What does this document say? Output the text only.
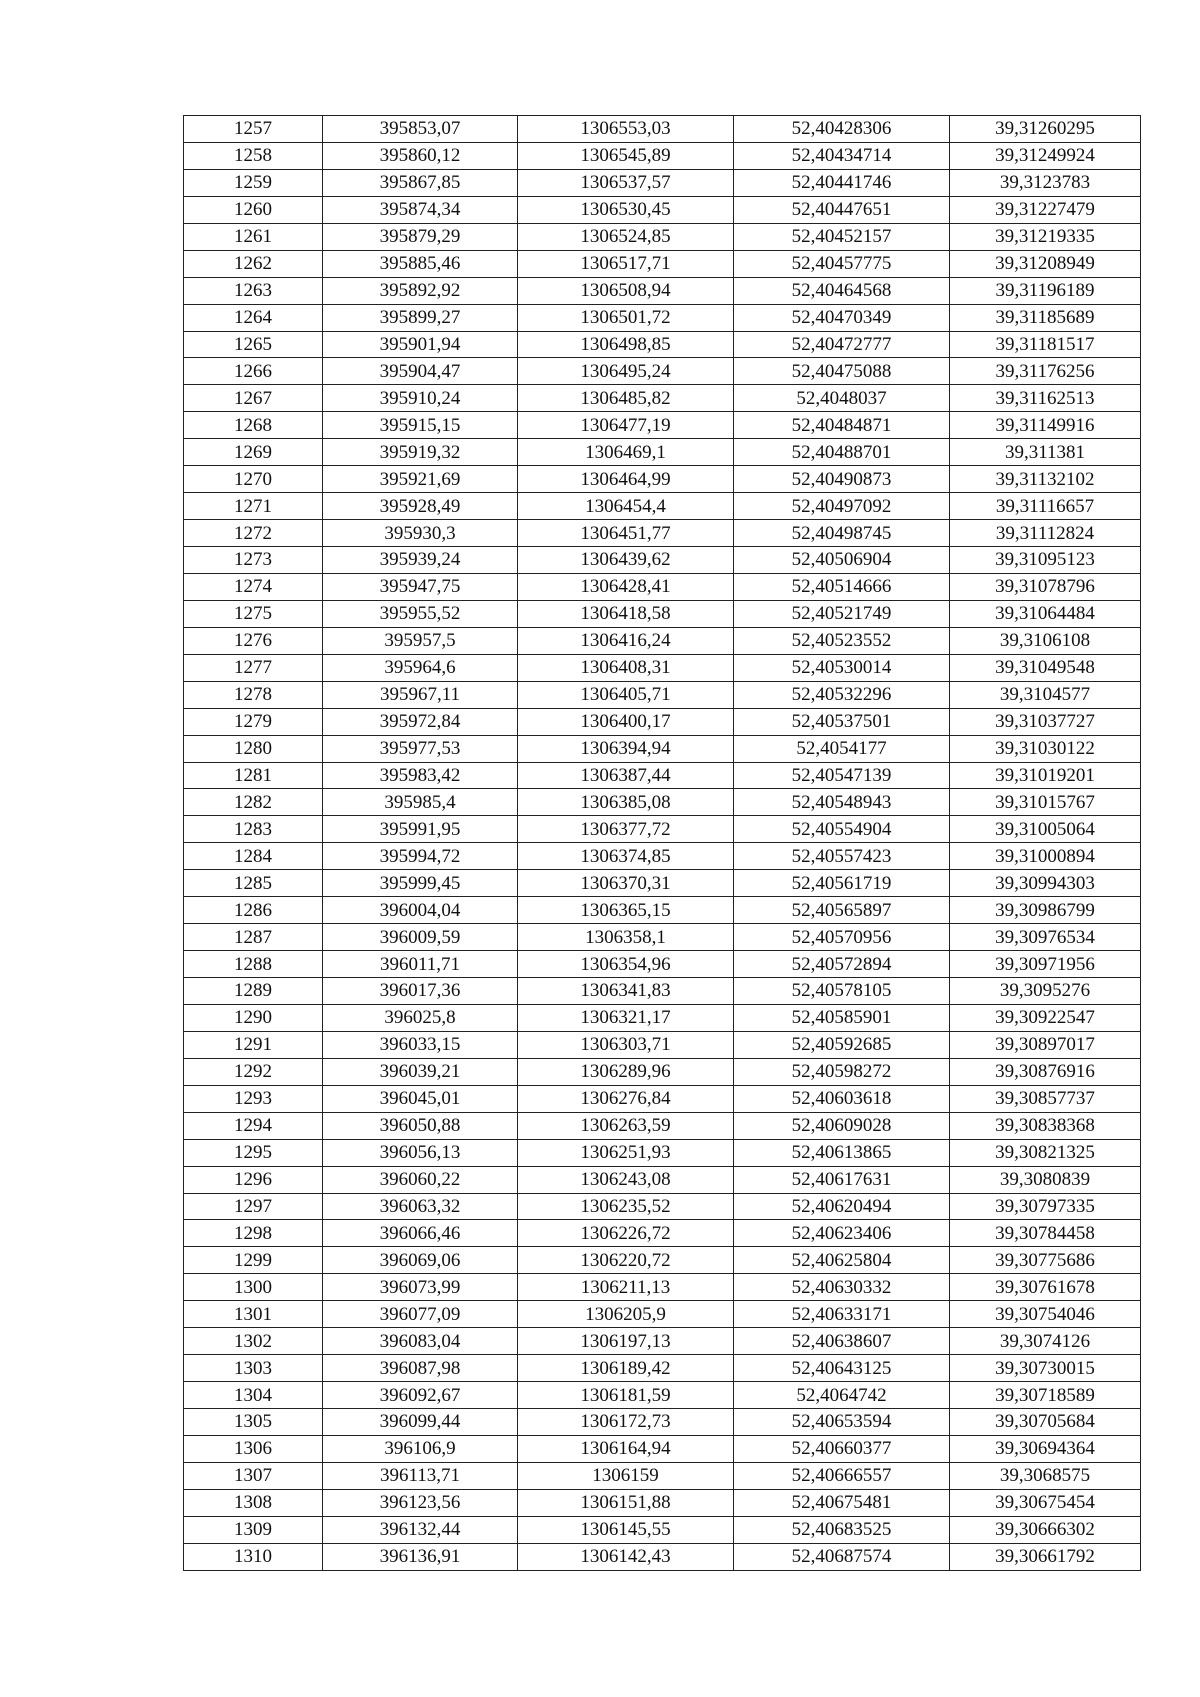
1257	395853,07	1306553,03	52,40428306	39,31260295
1258	395860,12	1306545,89	52,40434714	39,31249924
1259	395867,85	1306537,57	52,40441746	39,3123783
1260	395874,34	1306530,45	52,40447651	39,31227479
1261	395879,29	1306524,85	52,40452157	39,31219335
1262	395885,46	1306517,71	52,40457775	39,31208949
1263	395892,92	1306508,94	52,40464568	39,31196189
1264	395899,27	1306501,72	52,40470349	39,31185689
1265	395901,94	1306498,85	52,40472777	39,31181517
1266	395904,47	1306495,24	52,40475088	39,31176256
1267	395910,24	1306485,82	52,4048037	39,31162513
1268	395915,15	1306477,19	52,40484871	39,31149916
1269	395919,32	1306469,1	52,40488701	39,311381
1270	395921,69	1306464,99	52,40490873	39,31132102
1271	395928,49	1306454,4	52,40497092	39,31116657
1272	395930,3	1306451,77	52,40498745	39,31112824
1273	395939,24	1306439,62	52,40506904	39,31095123
1274	395947,75	1306428,41	52,40514666	39,31078796
1275	395955,52	1306418,58	52,40521749	39,31064484
1276	395957,5	1306416,24	52,40523552	39,3106108
1277	395964,6	1306408,31	52,40530014	39,31049548
1278	395967,11	1306405,71	52,40532296	39,3104577
1279	395972,84	1306400,17	52,40537501	39,31037727
1280	395977,53	1306394,94	52,4054177	39,31030122
1281	395983,42	1306387,44	52,40547139	39,31019201
1282	395985,4	1306385,08	52,40548943	39,31015767
1283	395991,95	1306377,72	52,40554904	39,31005064
1284	395994,72	1306374,85	52,40557423	39,31000894
1285	395999,45	1306370,31	52,40561719	39,30994303
1286	396004,04	1306365,15	52,40565897	39,30986799
1287	396009,59	1306358,1	52,40570956	39,30976534
1288	396011,71	1306354,96	52,40572894	39,30971956
1289	396017,36	1306341,83	52,40578105	39,3095276
1290	396025,8	1306321,17	52,40585901	39,30922547
1291	396033,15	1306303,71	52,40592685	39,30897017
1292	396039,21	1306289,96	52,40598272	39,30876916
1293	396045,01	1306276,84	52,40603618	39,30857737
1294	396050,88	1306263,59	52,40609028	39,30838368
1295	396056,13	1306251,93	52,40613865	39,30821325
1296	396060,22	1306243,08	52,40617631	39,3080839
1297	396063,32	1306235,52	52,40620494	39,30797335
1298	396066,46	1306226,72	52,40623406	39,30784458
1299	396069,06	1306220,72	52,40625804	39,30775686
1300	396073,99	1306211,13	52,40630332	39,30761678
1301	396077,09	1306205,9	52,40633171	39,30754046
1302	396083,04	1306197,13	52,40638607	39,3074126
1303	396087,98	1306189,42	52,40643125	39,30730015
1304	396092,67	1306181,59	52,4064742	39,30718589
1305	396099,44	1306172,73	52,40653594	39,30705684
1306	396106,9	1306164,94	52,40660377	39,30694364
1307	396113,71	1306159	52,40666557	39,3068575
1308	396123,56	1306151,88	52,40675481	39,30675454
1309	396132,44	1306145,55	52,40683525	39,30666302
1310	396136,91	1306142,43	52,40687574	39,30661792
